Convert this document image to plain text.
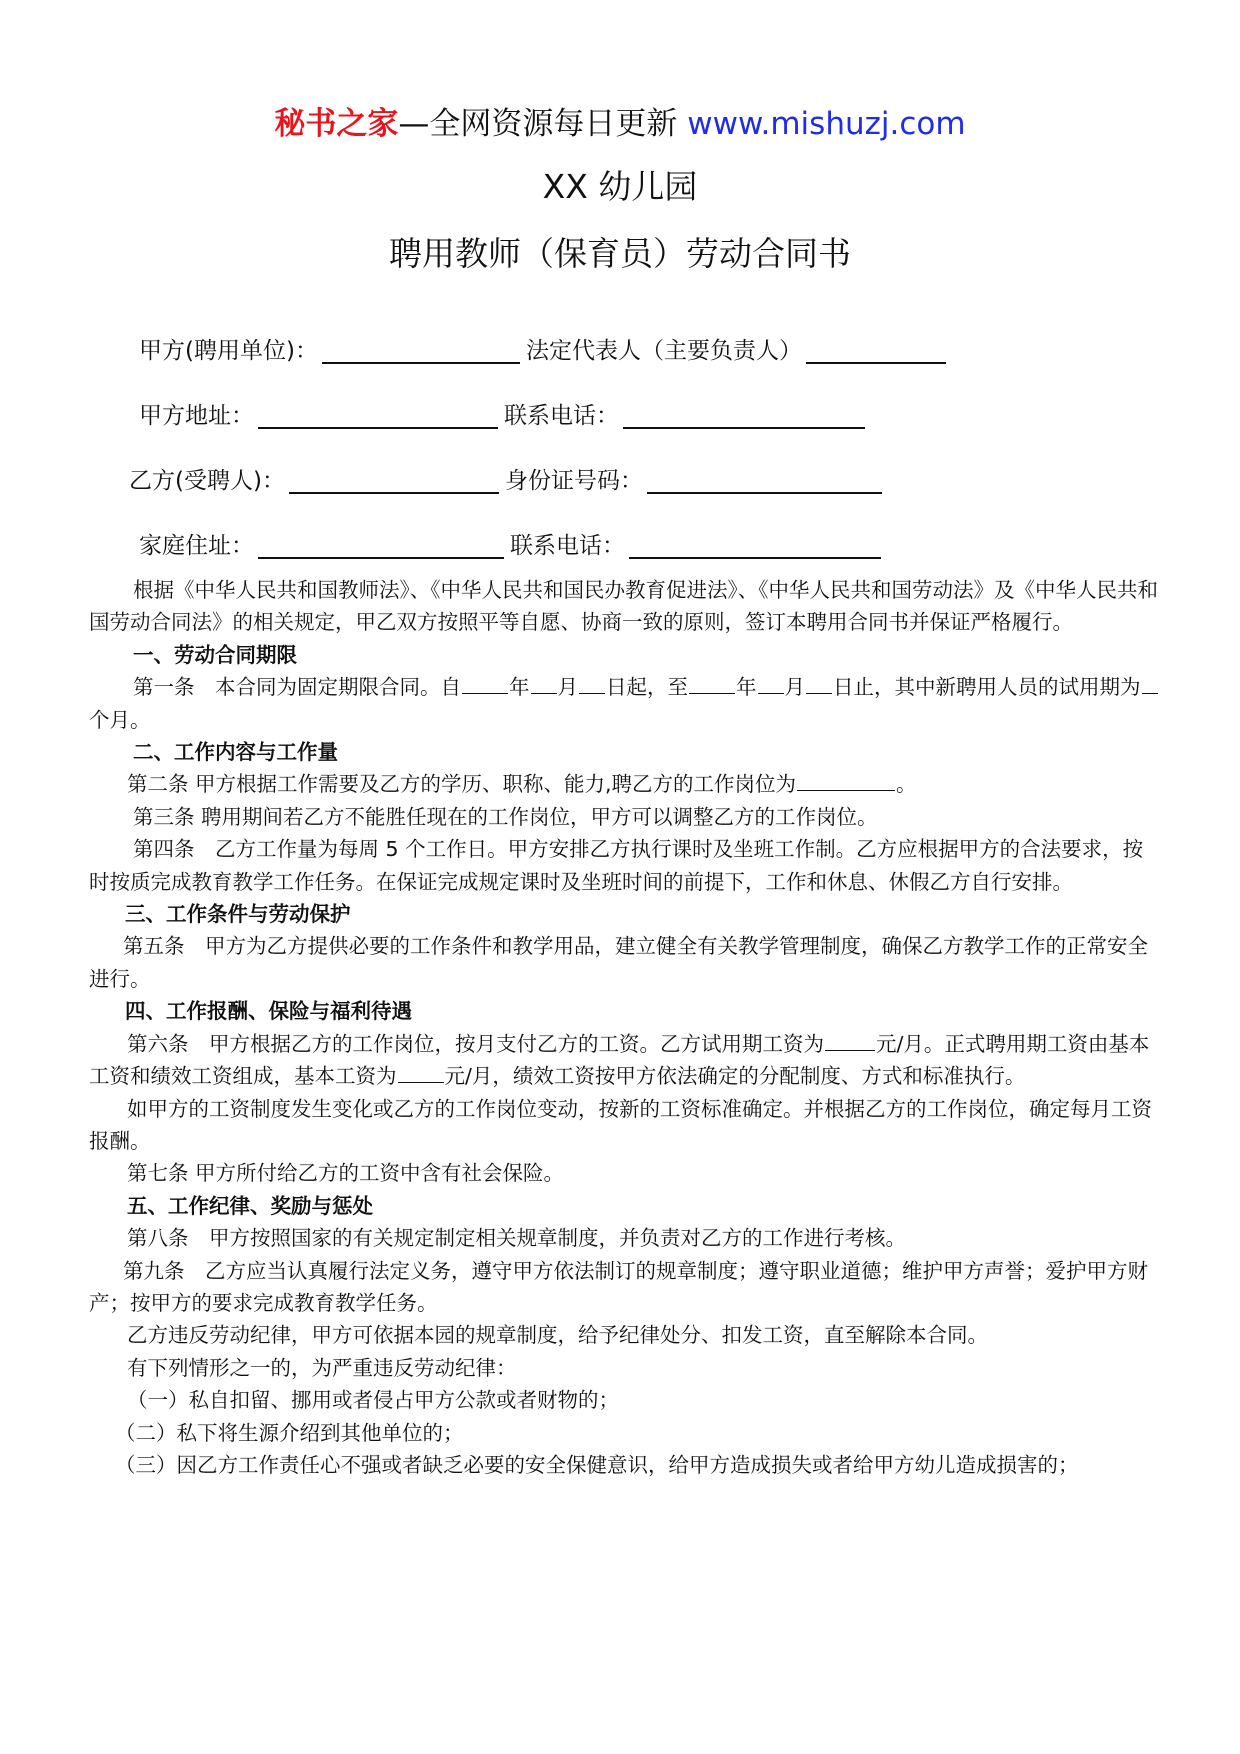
秘书之家—全网资源每日更新 www.mishuzj.com
XX 幼儿园
聘用教师（保育员）劳动合同书
甲方(聘用单位)：	法定代表人（主要负责人）
甲方地址：	联系电话：
乙方(受聘人)：	身份证号码：
家庭住址：	联系电话：

根据《中华人民共和国教师法》、《中华人民共和国民办教育促进法》、《中华人民共和国劳动法》及《中华人民共和国劳动合同法》的相关规定，甲乙双方按照平等自愿、协商一致的原则，签订本聘用合同书并保证严格履行。

一、劳动合同期限

第一条　本合同为固定期限合同。自 年 月 日起，至 年 月 日止，其中新聘用人员的试用期为个月。

二、工作内容与工作量

第二条 甲方根据工作需要及乙方的学历、职称、能力,聘乙方的工作岗位为	。

第三条 聘用期间若乙方不能胜任现在的工作岗位，甲方可以调整乙方的工作岗位。

第四条　乙方工作量为每周 5 个工作日。甲方安排乙方执行课时及坐班工作制。乙方应根据甲方的合法要求，按时按质完成教育教学工作任务。在保证完成规定课时及坐班时间的前提下，工作和休息、休假乙方自行安排。

三、工作条件与劳动保护

第五条　甲方为乙方提供必要的工作条件和教学用品，建立健全有关教学管理制度，确保乙方教学工作的正常安全进行。

四、工作报酬、保险与福利待遇

第六条　甲方根据乙方的工作岗位，按月支付乙方的工资。乙方试用期工资为	元/月。正式聘用期工资由基本工资和绩效工资组成，基本工资为 元/月，绩效工资按甲方依法确定的分配制度、方式和标准执行。

如甲方的工资制度发生变化或乙方的工作岗位变动，按新的工资标准确定。并根据乙方的工作岗位，确定每月工资报酬。

第七条 甲方所付给乙方的工资中含有社会保险。

五、工作纪律、奖励与惩处

第八条　甲方按照国家的有关规定制定相关规章制度，并负责对乙方的工作进行考核。

第九条　乙方应当认真履行法定义务，遵守甲方依法制订的规章制度；遵守职业道德；维护甲方声誉；爱护甲方财产；按甲方的要求完成教育教学任务。

乙方违反劳动纪律，甲方可依据本园的规章制度，给予纪律处分、扣发工资，直至解除本合同。

有下列情形之一的，为严重违反劳动纪律：

（一）私自扣留、挪用或者侵占甲方公款或者财物的；

（二）私下将生源介绍到其他单位的；

（三）因乙方工作责任心不强或者缺乏必要的安全保健意识，给甲方造成损失或者给甲方幼儿造成损害的；
